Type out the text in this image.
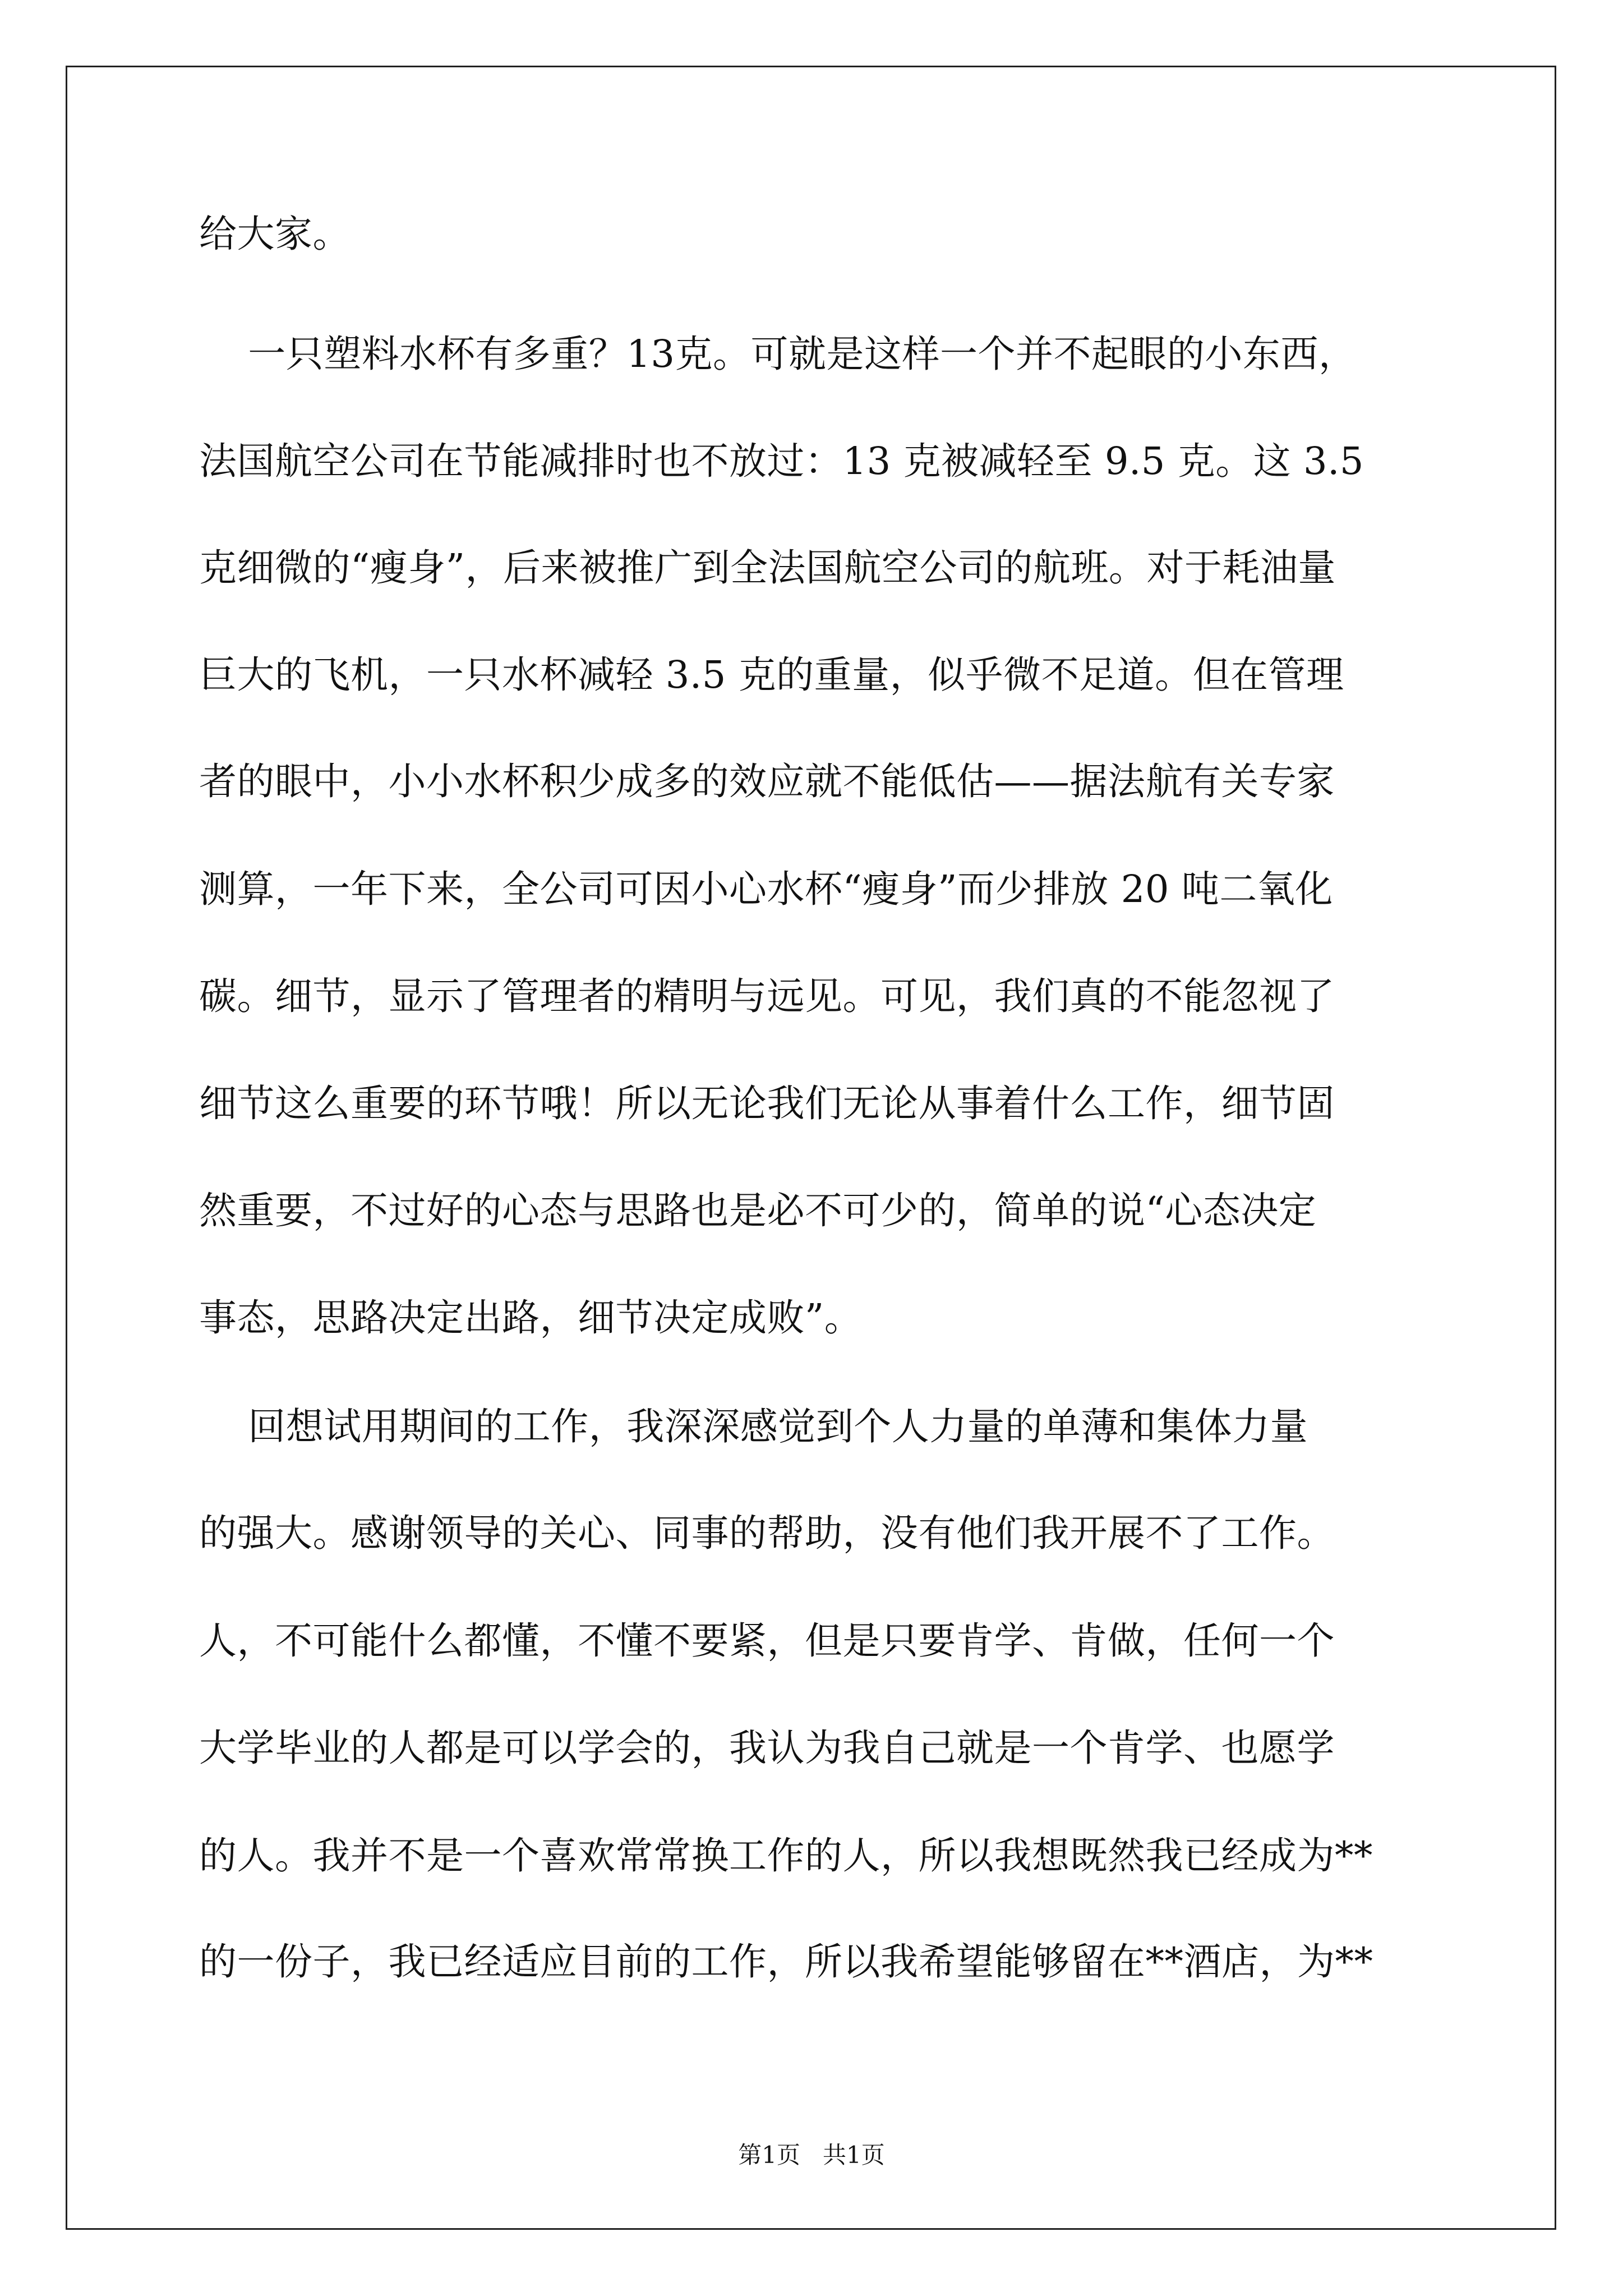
给大家。
一只塑料水杯有多重？13克。可就是这样一个并不起眼的小东西，
法国航空公司在节能减排时也不放过：13 克被减轻至 9.5 克。这 3.5
克细微的“瘦身”，后来被推广到全法国航空公司的航班。对于耗油量
巨大的飞机，一只水杯减轻 3.5 克的重量，似乎微不足道。但在管理
者的眼中，小小水杯积少成多的效应就不能低估——据法航有关专家
测算，一年下来，全公司可因小心水杯“瘦身”而少排放 20 吨二氧化
碳。细节，显示了管理者的精明与远见。可见，我们真的不能忽视了
细节这么重要的环节哦！所以无论我们无论从事着什么工作，细节固
然重要，不过好的心态与思路也是必不可少的，简单的说“心态决定
事态，思路决定出路，细节决定成败”。
回想试用期间的工作，我深深感觉到个人力量的单薄和集体力量
的强大。感谢领导的关心、同事的帮助，没有他们我开展不了工作。
人，不可能什么都懂，不懂不要紧，但是只要肯学、肯做，任何一个
大学毕业的人都是可以学会的，我认为我自己就是一个肯学、也愿学
的人。我并不是一个喜欢常常换工作的人，所以我想既然我已经成为**
的一份子，我已经适应目前的工作，所以我希望能够留在**酒店，为**
第1页   共1页
